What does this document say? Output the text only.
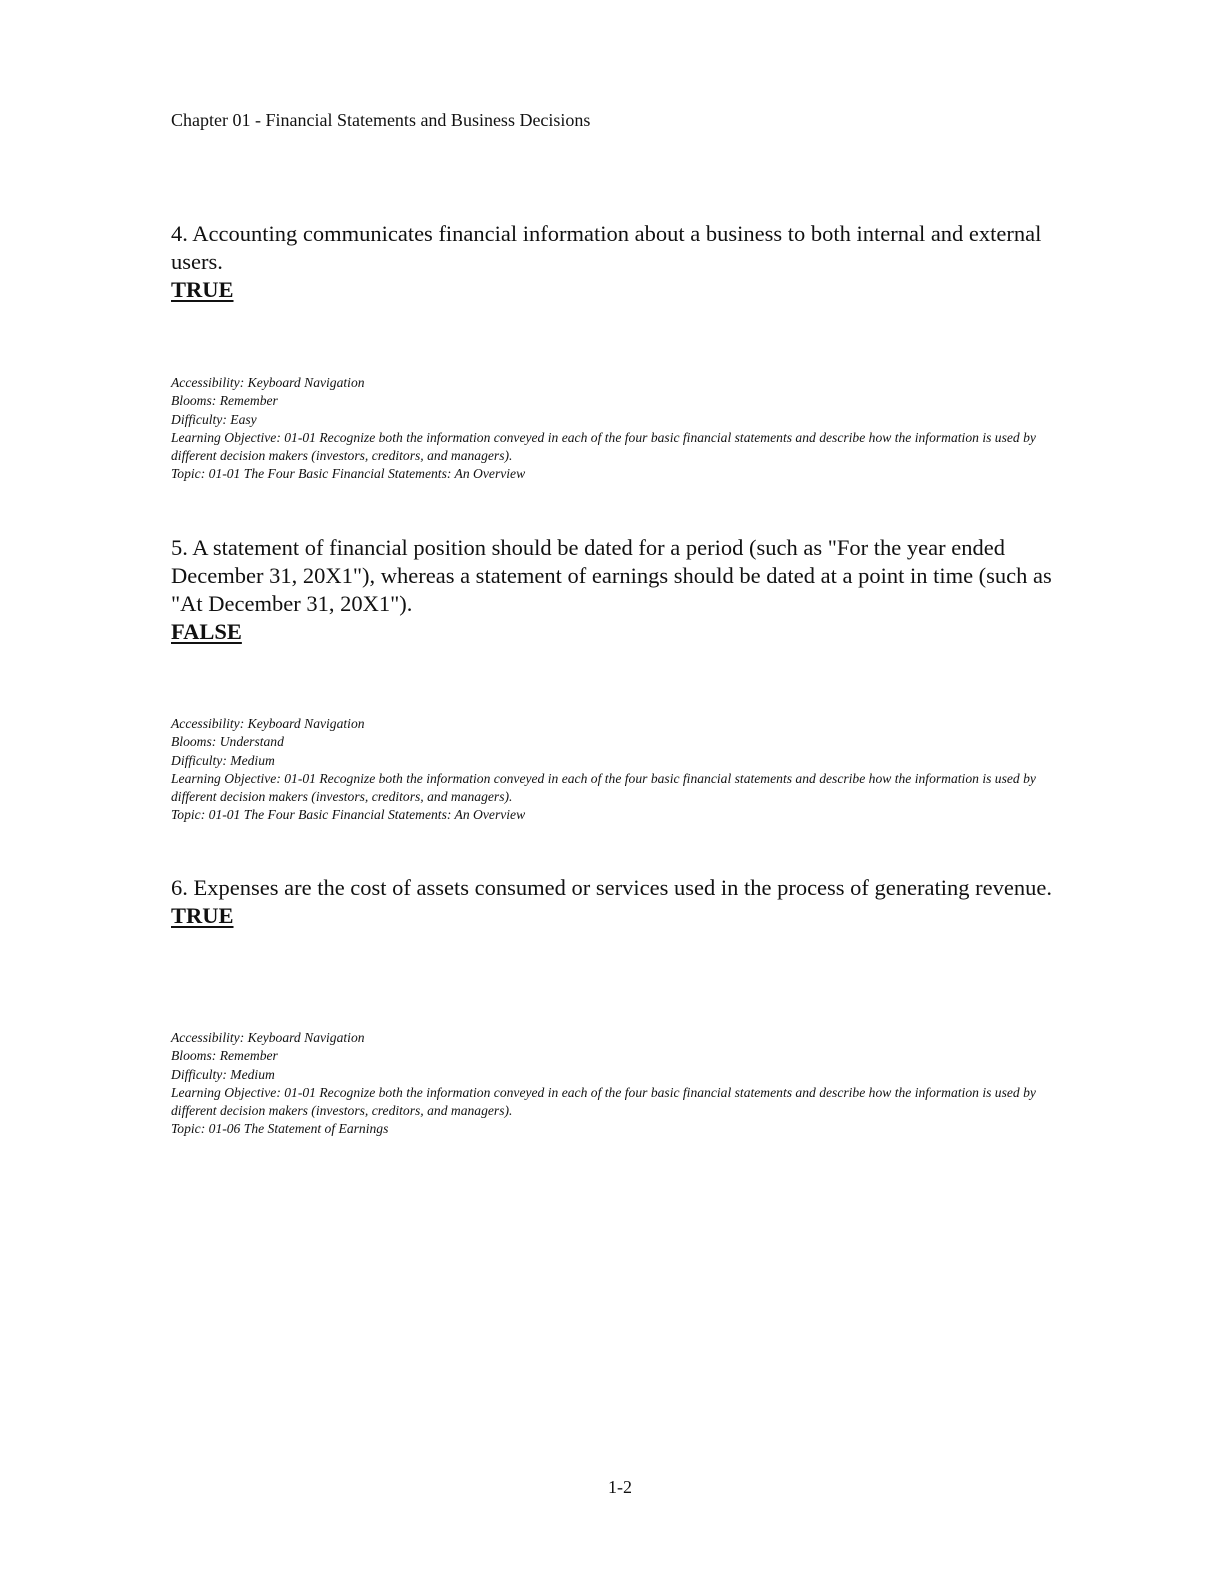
Chapter 01 - Financial Statements and Business Decisions

4. Accounting communicates financial information about a business to both internal and external users.

TRUE

Accessibility: Keyboard Navigation
Blooms: Remember
Difficulty: Easy
Learning Objective: 01-01 Recognize both the information conveyed in each of the four basic financial statements and describe how the information is used by different decision makers (investors, creditors, and managers).
Topic: 01-01 The Four Basic Financial Statements: An Overview

5. A statement of financial position should be dated for a period (such as "For the year ended December 31, 20X1"), whereas a statement of earnings should be dated at a point in time (such as "At December 31, 20X1").

FALSE

Accessibility: Keyboard Navigation
Blooms: Understand
Difficulty: Medium
Learning Objective: 01-01 Recognize both the information conveyed in each of the four basic financial statements and describe how the information is used by different decision makers (investors, creditors, and managers).
Topic: 01-01 The Four Basic Financial Statements: An Overview

6. Expenses are the cost of assets consumed or services used in the process of generating revenue.

TRUE

Accessibility: Keyboard Navigation
Blooms: Remember
Difficulty: Medium
Learning Objective: 01-01 Recognize both the information conveyed in each of the four basic financial statements and describe how the information is used by different decision makers (investors, creditors, and managers).
Topic: 01-06 The Statement of Earnings
1-2
